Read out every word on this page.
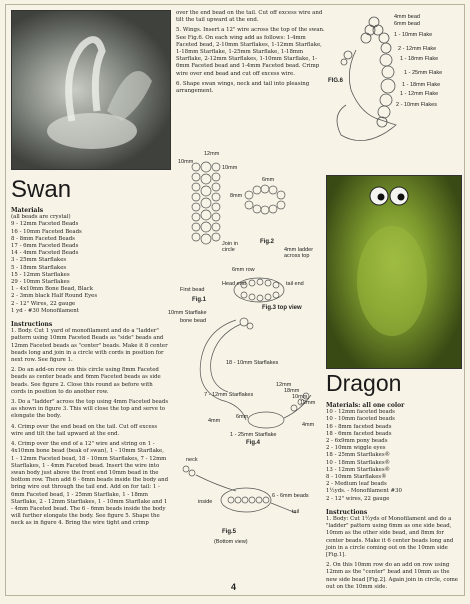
Swan
Materials
(all beads are crystal)
9 - 12mm Faceted Beads
16 - 10mm Faceted Beads
8 - 8mm Faceted Beads
17 - 6mm Faceted Beads
14 - 4mm Faceted Beads
3 - 25mm Starflakes
5 - 18mm Starflakes
15 - 12mm Starflakes
29 - 10mm Starflakes
1 - 4x10mm Bone Bead, Black
2 - 3mm black Half Round Eyes
2 - 12" Wires, 22 gauge
1 yd - #30 Monofilament
Instructions

1. Body. Cut 1 yard of monofilament and do a "ladder" pattern using 10mm Faceted Beads as "side" beads and 12mm Faceted beads as "center" beads. Make it 8 center beads long and join in a circle with cords in position for next row. See figure 1.

2. Do an add-on row on this circle using 8mm Faceted beads as center beads and 6mm Faceted beads as side beads. See figure 2. Close this round as before with cords in position to do another row.

3. Do a "ladder" across the top using 4mm Faceted beads as shown in figure 3. This will close the top and serve to elongate the body.

4. Crimp over the end bead on the tail. Cut off excess wire and tilt the tail upward at the end.

4. Crimp over the end of a 12" wire and string on 1 - 4x10mm bone bead (beak of swan), 1 - 10mm Starflake, 1 - 12mm Faceted bead, 18 - 10mm Starflakes, 7 - 12mm Starflakes, 1 - 4mm Faceted bead. Insert the wire into swan body just above the front end 10mm bead in the bottom row. Then add 6 - 6mm beads inside the body and bring wire out through the tail end. Add on for tail: 1 - 6mm Faceted bead, 1 - 25mm Starflake, 1 - 18mm Starflake, 2 - 12mm Starflakes, 1 - 10mm Starflake and 1 - 4mm Faceted bead. The 6 - 6mm beads inside the body will further elongate the body. See figure 5. Shape the neck as in figure 4. Bring the wire tight and crimp

over the end bead on the tail. Cut off excess wire and tilt the tail upward at the end.

5. Wings. Insert a 12" wire across the top of the swan. See Fig.6. On each wing add as follows: 1-4mm Faceted bead, 2-10mm Starflakes, 1-12mm Starflake, 1-18mm Starflake, 1-25mm Starflake, 1-18mm Starflake, 2-12mm Starflakes, 1-10mm Starflake, 1-6mm Faceted bead and 1-4mm Faceted bead. Crimp wire over end bead and cut off excess wire.

6. Shape swan wings, neck and tail into pleasing arrangement.

FIG.6
4mm bead
6mm bead
1 - 10mm Flake
2 - 12mm Flake
1 - 18mm Flake
1 - 25mm Flake
1 - 18mm Flake
1 - 12mm Flake
2 - 10mm Flakes
12mm
10mm
10mm
Join in circle
First bead
Fig.1
6mm
8mm
4mm ladder across top
6mm row
Fig.2
Head end	tail end
Fig.3 top view
10mm Starflake
bone bead
18 - 10mm Starflakes
7 - 12mm Starflakes
6mm
4mm
4mm
1 - 25mm Starflake
12mm
18mm
10mm
12mm
Fig.4
neck
inside
6 - 6mm beads
tail
Fig.5
(Bottom view)
Dragon
Materials: all one color
10 - 12mm faceted beads
10 - 10mm faceted beads
16 - 8mm faceted beads
18 - 6mm faceted beads
2 - 6x9mm pony beads
2 - 10mm wiggle eyes
18 - 25mm Starflakes®
10 - 18mm Starflakes®
13 - 12mm Starflakes®
8 - 10mm Starflakes®
2 - Medium leaf beads
1½yds. - Monofilament #30
2 - 12" wires, 22 gauge
Instructions

1. Body: Cut 1½yds of Monofilament and do a "ladder" pattern using 6mm as one side bead, 10mm as the other side bead, and 8mm for center beads. Make it 6 center beads long and join in a circle coming out on the 10mm side [Fig.1].

2. On this 10mm row do an add on row using 12mm as the "center" bead and 10mm as the new side bead [Fig.2]. Again join in circle, come out on the 10mm side.

4
